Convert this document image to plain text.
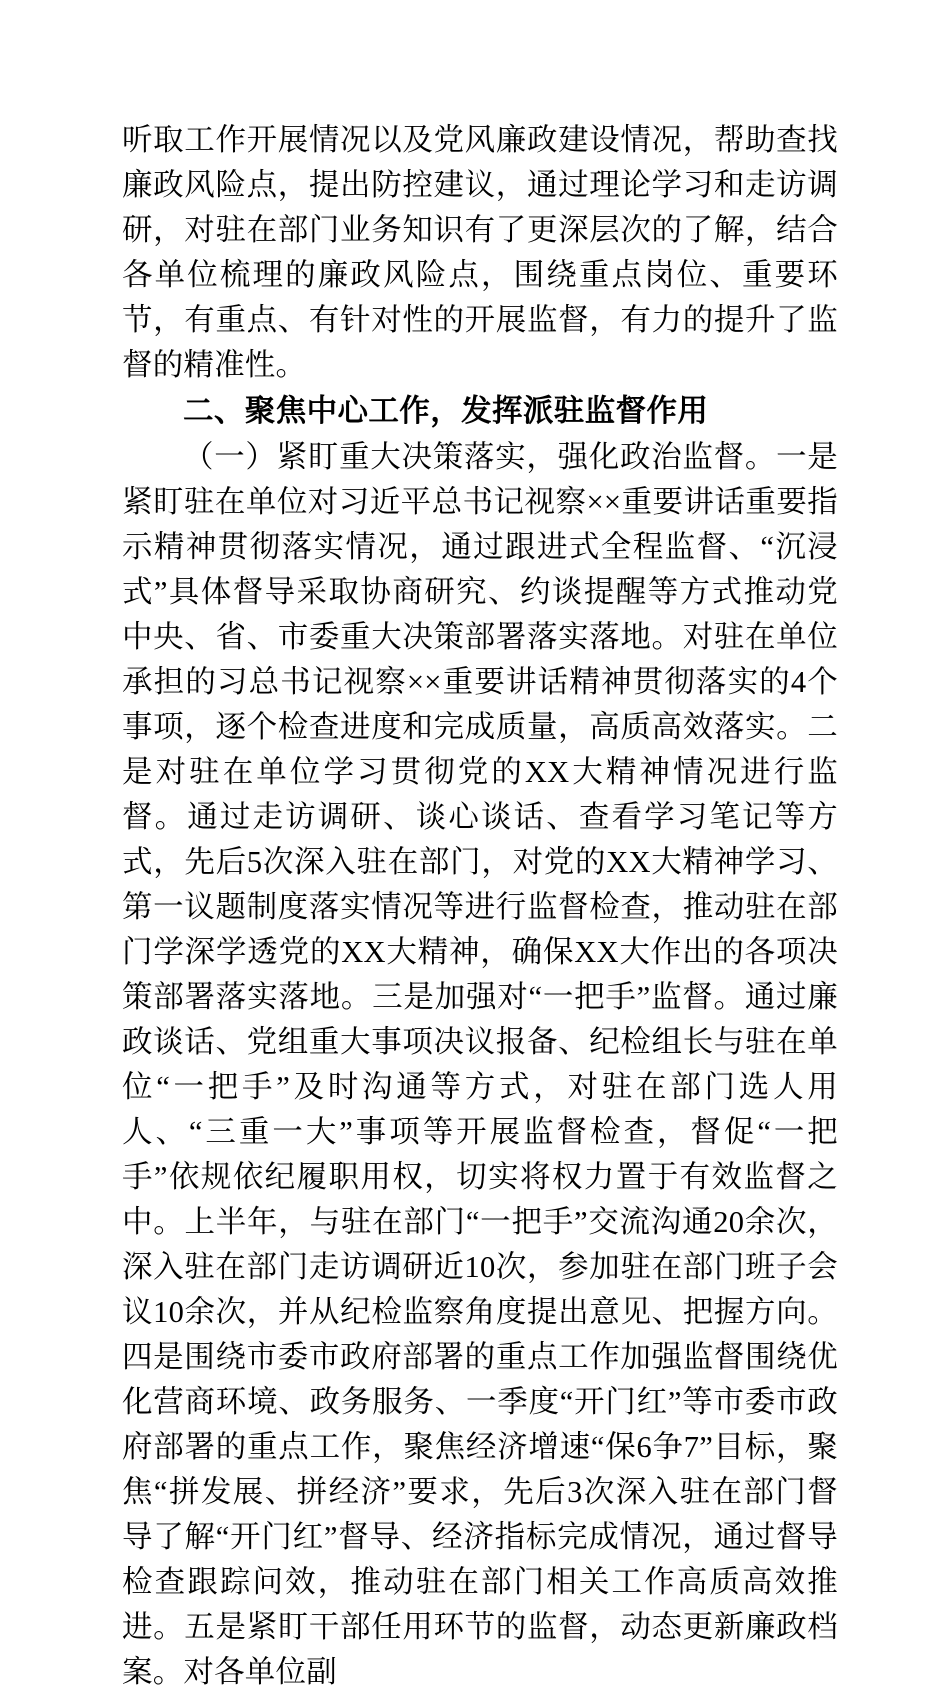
听取工作开展情况以及党风廉政建设情况，帮助查找廉政风险点，提出防控建议，通过理论学习和走访调研，对驻在部门业务知识有了更深层次的了解，结合各单位梳理的廉政风险点，围绕重点岗位、重要环节，有重点、有针对性的开展监督，有力的提升了监督的精准性。

二、聚焦中心工作，发挥派驻监督作用

（一）紧盯重大决策落实，强化政治监督。一是紧盯驻在单位对习近平总书记视察××重要讲话重要指示精神贯彻落实情况，通过跟进式全程监督、“沉浸式”具体督导采取协商研究、约谈提醒等方式推动党中央、省、市委重大决策部署落实落地。对驻在单位承担的习总书记视察××重要讲话精神贯彻落实的4个事项，逐个检查进度和完成质量，高质高效落实。二是对驻在单位学习贯彻党的XX大精神情况进行监督。通过走访调研、谈心谈话、查看学习笔记等方式，先后5次深入驻在部门，对党的XX大精神学习、第一议题制度落实情况等进行监督检查，推动驻在部门学深学透党的XX大精神，确保XX大作出的各项决策部署落实落地。三是加强对“一把手”监督。通过廉政谈话、党组重大事项决议报备、纪检组长与驻在单位“一把手”及时沟通等方式，对驻在部门选人用人、“三重一大”事项等开展监督检查，督促“一把手”依规依纪履职用权，切实将权力置于有效监督之中。上半年，与驻在部门“一把手”交流沟通20余次，深入驻在部门走访调研近10次，参加驻在部门班子会议10余次，并从纪检监察角度提出意见、把握方向。四是围绕市委市政府部署的重点工作加强监督围绕优化营商环境、政务服务、一季度“开门红”等市委市政府部署的重点工作，聚焦经济增速“保6争7”目标，聚焦“拼发展、拼经济”要求，先后3次深入驻在部门督导了解“开门红”督导、经济指标完成情况，通过督导检查跟踪问效，推动驻在部门相关工作高质高效推进。五是紧盯干部任用环节的监督，动态更新廉政档案。对各单位副
